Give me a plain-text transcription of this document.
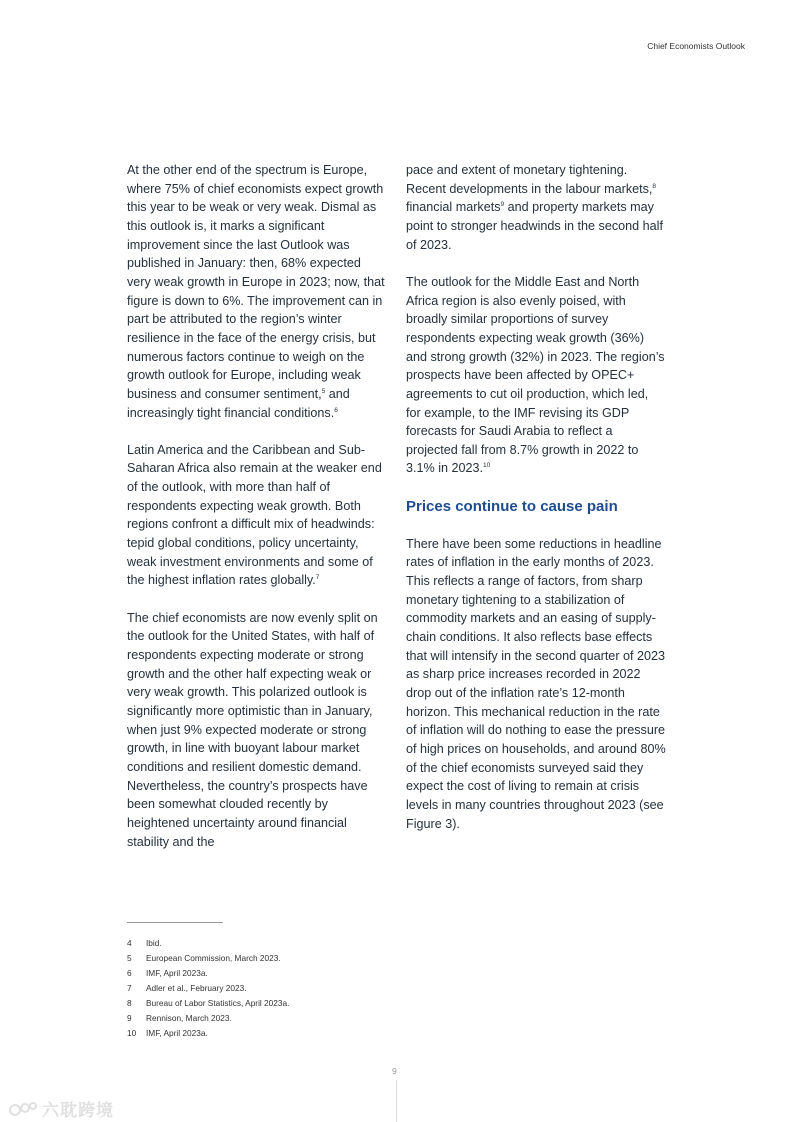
Chief Economists Outlook

At the other end of the spectrum is Europe, where 75% of chief economists expect growth this year to be weak or very weak. Dismal as this outlook is, it marks a significant improvement since the last Outlook was published in January: then, 68% expected very weak growth in Europe in 2023; now, that figure is down to 6%. The improvement can in part be attributed to the region’s winter resilience in the face of the energy crisis, but numerous factors continue to weigh on the growth outlook for Europe, including weak business and consumer sentiment,$^5$ and increasingly tight financial conditions.$^6$

Latin America and the Caribbean and Sub-Saharan Africa also remain at the weaker end of the outlook, with more than half of respondents expecting weak growth. Both regions confront a difficult mix of headwinds: tepid global conditions, policy uncertainty, weak investment environments and some of the highest inflation rates globally.$^7$

The chief economists are now evenly split on the outlook for the United States, with half of respondents expecting moderate or strong growth and the other half expecting weak or very weak growth. This polarized outlook is significantly more optimistic than in January, when just 9% expected moderate or strong growth, in line with buoyant labour market conditions and resilient domestic demand. Nevertheless, the country’s prospects have been somewhat clouded recently by heightened uncertainty around financial stability and the

pace and extent of monetary tightening. Recent developments in the labour markets,$^8$ financial markets$^9$ and property markets may point to stronger headwinds in the second half of 2023.

The outlook for the Middle East and North Africa region is also evenly poised, with broadly similar proportions of survey respondents expecting weak growth (36%) and strong growth (32%) in 2023. The region’s prospects have been affected by OPEC+ agreements to cut oil production, which led, for example, to the IMF revising its GDP forecasts for Saudi Arabia to reflect a projected fall from 8.7% growth in 2022 to 3.1% in 2023.10

Prices continue to cause pain

There have been some reductions in headline rates of inflation in the early months of 2023. This reflects a range of factors, from sharp monetary tightening to a stabilization of commodity markets and an easing of supply-chain conditions. It also reflects base effects that will intensify in the second quarter of 2023 as sharp price increases recorded in 2022 drop out of the inflation rate’s 12-month horizon. This mechanical reduction in the rate of inflation will do nothing to ease the pressure of high prices on households, and around 80% of the chief economists surveyed said they expect the cost of living to remain at crisis levels in many countries throughout 2023 (see Figure 3).

4	Ibid.
5	European Commission, March 2023.
6	IMF, April 2023a.
7	Adler et al., February 2023.
8	Bureau of Labor Statistics, April 2023a.
9	Rennison, March 2023.
10	IMF, April 2023a.
9
六耽跨境
